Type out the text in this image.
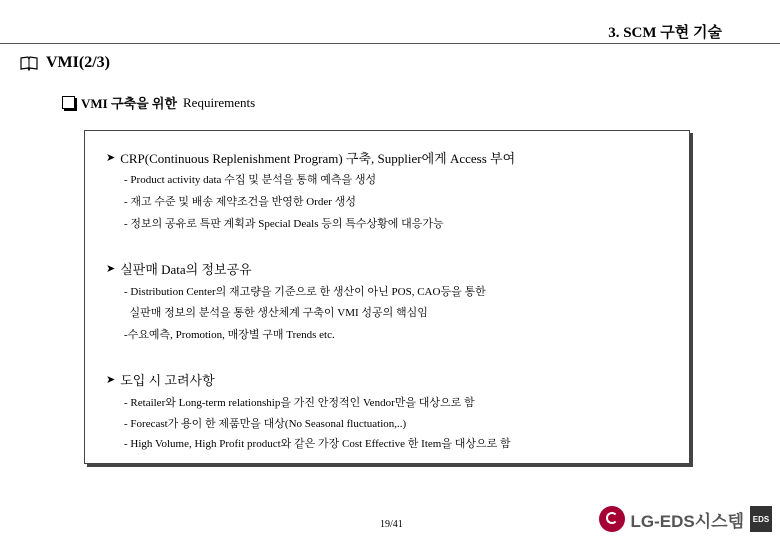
3. SCM 구현 기술
VMI(2/3)
VMI 구축을 위한 Requirements
➤ CRP(Continuous Replenishment Program) 구축, Supplier에게 Access 부여
- Product activity data 수집 및 분석을 통해 예측을 생성
- 재고 수준 및 배송 제약조건을 반영한 Order 생성
- 정보의 공유로 특판 계획과 Special Deals 등의 특수상황에 대응가능
➤ 실판매 Data의 정보공유
- Distribution Center의 재고량을 기준으로 한 생산이 아닌 POS, CAO등을 통한
실판매 정보의 분석을 통한 생산체계 구축이 VMI 성공의 핵심임
-수요예측, Promotion, 매장별 구매 Trends etc.
➤ 도입 시 고려사항
- Retailer와 Long-term relationship을 가진 안정적인 Vendor만을 대상으로 함
- Forecast가 용이 한 제품만을 대상(No Seasonal fluctuation,..)
- High Volume, High Profit product와 같은 가장 Cost Effective 한 Item을 대상으로 함
19/41	LG-EDS시스템	EDS
